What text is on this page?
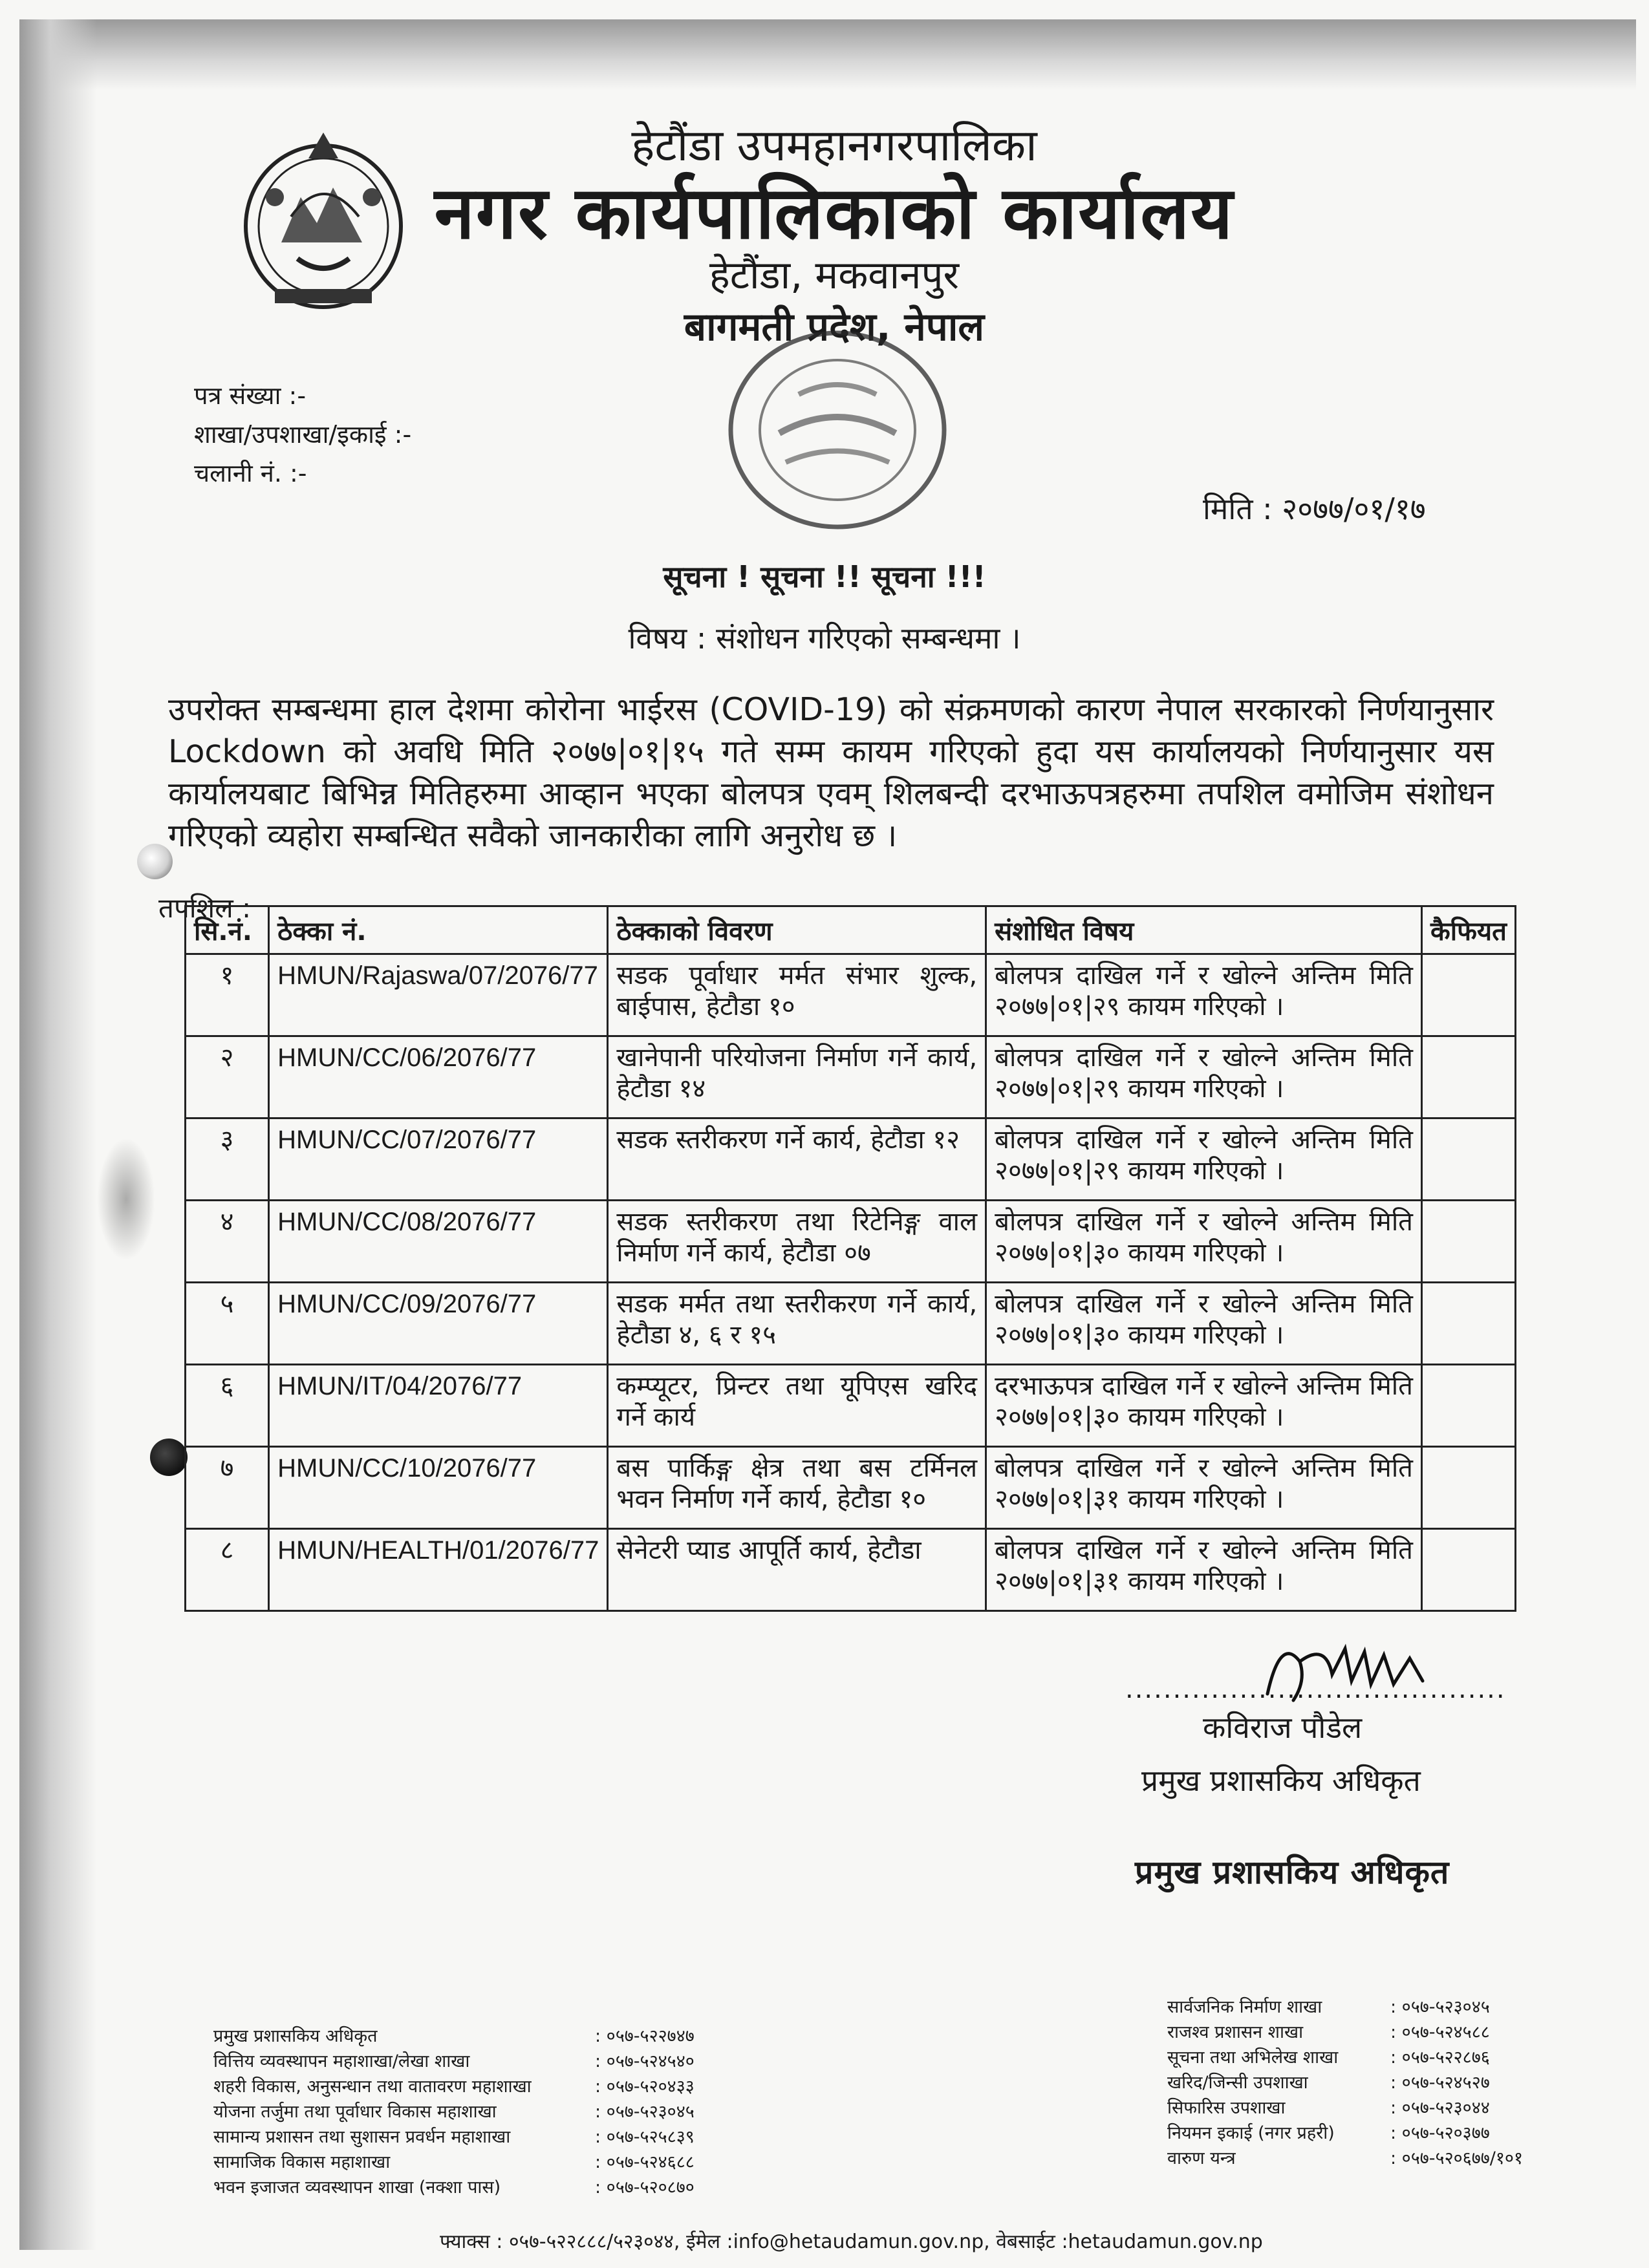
हेटौंडा उपमहानगरपालिका
नगर कार्यपालिकाको कार्यालय
हेटौंडा, मकवानपुर
बागमती प्रदेश, नेपाल
पत्र संख्या :-
शाखा/उपशाखा/इकाई :-
चलानी नं. :-
मिति : २०७७/०१/१७
सूचना ! सूचना !! सूचना !!!
विषय : संशोधन गरिएको सम्बन्धमा ।
उपरोक्त सम्बन्धमा हाल देशमा कोरोना भाईरस (COVID-19) को संक्रमणको कारण नेपाल सरकारको निर्णयानुसार Lockdown को अवधि मिति २०७७|०१|१५ गते सम्म कायम गरिएको हुदा यस कार्यालयको निर्णयानुसार यस कार्यालयबाट बिभिन्न मितिहरुमा आव्हान भएका बोलपत्र एवम् शिलबन्दी दरभाऊपत्रहरुमा तपशिल वमोजिम संशोधन गरिएको व्यहोरा सम्बन्धित सवैको जानकारीका लागि अनुरोध छ ।
तपशिल :
सि.नं.	ठेक्का नं.	ठेक्काको विवरण	संशोधित विषय	कैफियत
१	HMUN/Rajaswa/07/2076/77	सडक पूर्वाधार मर्मत संभार शुल्क, बाईपास, हेटौडा १०	बोलपत्र दाखिल गर्ने र खोल्ने अन्तिम मिति २०७७|०१|२९ कायम गरिएको ।	
२	HMUN/CC/06/2076/77	खानेपानी परियोजना निर्माण गर्ने कार्य, हेटौडा १४	बोलपत्र दाखिल गर्ने र खोल्ने अन्तिम मिति २०७७|०१|२९ कायम गरिएको ।	
३	HMUN/CC/07/2076/77	सडक स्तरीकरण गर्ने कार्य, हेटौडा १२	बोलपत्र दाखिल गर्ने र खोल्ने अन्तिम मिति २०७७|०१|२९ कायम गरिएको ।	
४	HMUN/CC/08/2076/77	सडक स्तरीकरण तथा रिटेनिङ्ग वाल निर्माण गर्ने कार्य, हेटौडा ०७	बोलपत्र दाखिल गर्ने र खोल्ने अन्तिम मिति २०७७|०१|३० कायम गरिएको ।	
५	HMUN/CC/09/2076/77	सडक मर्मत तथा स्तरीकरण गर्ने कार्य, हेटौडा ४, ६ र १५	बोलपत्र दाखिल गर्ने र खोल्ने अन्तिम मिति २०७७|०१|३० कायम गरिएको ।	
६	HMUN/IT/04/2076/77	कम्प्यूटर, प्रिन्टर तथा यूपिएस खरिद गर्ने कार्य	दरभाऊपत्र दाखिल गर्ने र खोल्ने अन्तिम मिति २०७७|०१|३० कायम गरिएको ।	
७	HMUN/CC/10/2076/77	बस पार्किङ्ग क्षेत्र तथा बस टर्मिनल भवन निर्माण गर्ने कार्य, हेटौडा १०	बोलपत्र दाखिल गर्ने र खोल्ने अन्तिम मिति २०७७|०१|३१ कायम गरिएको ।	
८	HMUN/HEALTH/01/2076/77	सेनेटरी प्याड आपूर्ति कार्य, हेटौडा	बोलपत्र दाखिल गर्ने र खोल्ने अन्तिम मिति २०७७|०१|३१ कायम गरिएको ।	
........................................
कविराज पौडेल
प्रमुख प्रशासकिय अधिकृत
प्रमुख प्रशासकिय अधिकृत
प्रमुख प्रशासकिय अधिकृत	: ०५७-५२२७४७
वित्तिय व्यवस्थापन महाशाखा/लेखा शाखा	: ०५७-५२४५४०
शहरी विकास, अनुसन्धान तथा वातावरण महाशाखा	: ०५७-५२०४३३
योजना तर्जुमा तथा पूर्वाधार विकास महाशाखा	: ०५७-५२३०४५
सामान्य प्रशासन तथा सुशासन प्रवर्धन महाशाखा	: ०५७-५२५८३९
सामाजिक विकास महाशाखा	: ०५७-५२४६८८
भवन इजाजत व्यवस्थापन शाखा (नक्शा पास)	: ०५७-५२०८७०
सार्वजनिक निर्माण शाखा	: ०५७-५२३०४५
राजश्व प्रशासन शाखा	: ०५७-५२४५८८
सूचना तथा अभिलेख शाखा	: ०५७-५२२८७६
खरिद/जिन्सी उपशाखा	: ०५७-५२४५२७
सिफारिस उपशाखा	: ०५७-५२३०४४
नियमन इकाई (नगर प्रहरी)	: ०५७-५२०३७७
वारुण यन्त्र	: ०५७-५२०६७७/१०१
फ्याक्स : ०५७-५२२८८८/५२३०४४, ईमेल :info@hetaudamun.gov.np, वेबसाईट :hetaudamun.gov.np
